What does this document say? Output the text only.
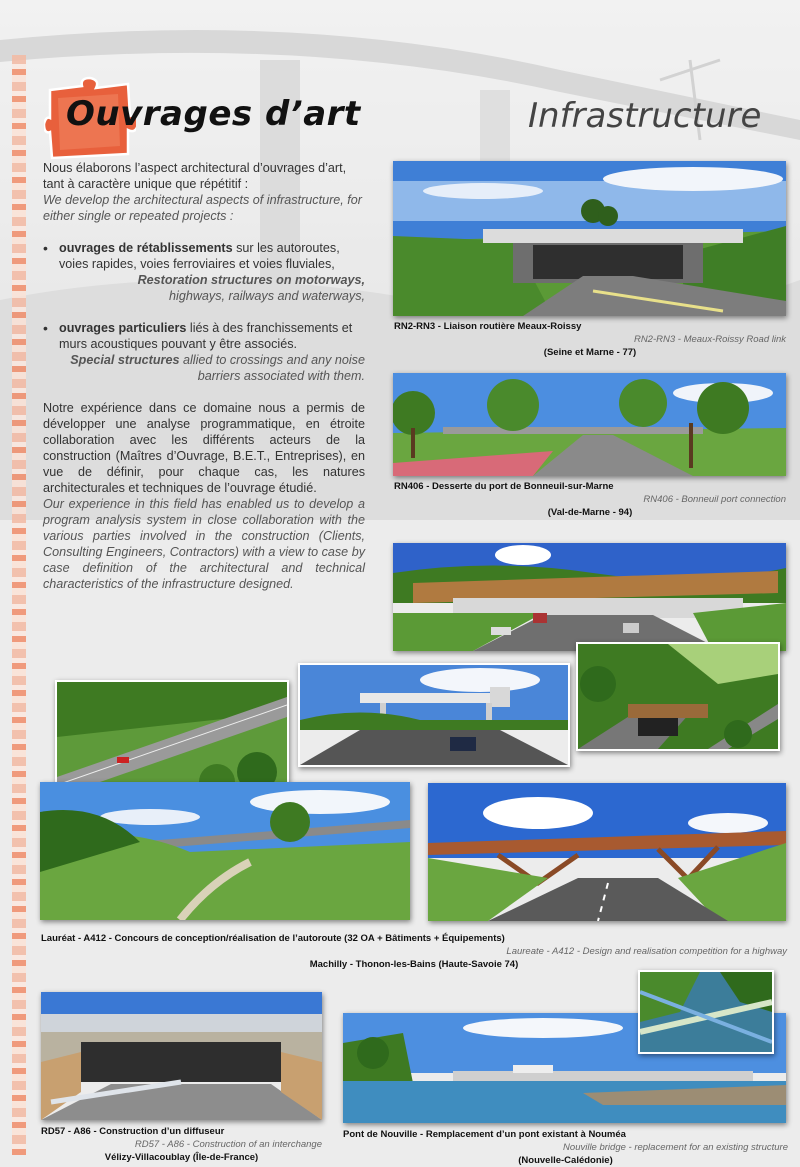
Ouvrages d’art	Infrastructure

Nous élaborons l’aspect architectural d’ouvrages d’art, tant à caractère unique que répétitif :

We develop the architectural aspects of infrastructure, for either single or repeated projects :

• ouvrages de rétablissements sur les autoroutes, voies rapides, voies ferroviaires et voies fluviales,
Restoration structures on motorways,
highways, railways and waterways,
• ouvrages particuliers liés à des franchissements et murs acoustiques pouvant y être associés.
Special structures allied to crossings and any noise barriers associated with them.

Notre expérience dans ce domaine nous a permis de développer une analyse programmatique, en étroite collaboration avec les différents acteurs de la construction (Maîtres d’Ouvrage, B.E.T., Entreprises), en vue de définir, pour chaque cas, les natures architecturales et techniques de l’ouvrage étudié.

Our experience in this field has enabled us to develop a program analysis system in close collaboration with the various parties involved in the construction (Clients, Consulting Engineers, Contractors) with a view to case by case definition of the architectural and technical characteristics of the infrastructure designed.

RN2-RN3 - Liaison routière Meaux-Roissy
RN2-RN3 - Meaux-Roissy Road link
(Seine et Marne - 77)
RN406 - Desserte du port de Bonneuil-sur-Marne
RN406 - Bonneuil port connection
(Val-de-Marne - 94)
Lauréat - A412 - Concours de conception/réalisation de l’autoroute (32 OA + Bâtiments + Équipements)
Laureate - A412 - Design and realisation competition for a highway
Machilly - Thonon-les-Bains (Haute-Savoie 74)
RD57 - A86 - Construction d’un diffuseur
RD57 - A86 - Construction of an interchange
Vélizy-Villacoublay (Île-de-France)
Pont de Nouville - Remplacement d’un pont existant à Nouméa
Nouville bridge - replacement for an existing structure
(Nouvelle-Calédonie)
